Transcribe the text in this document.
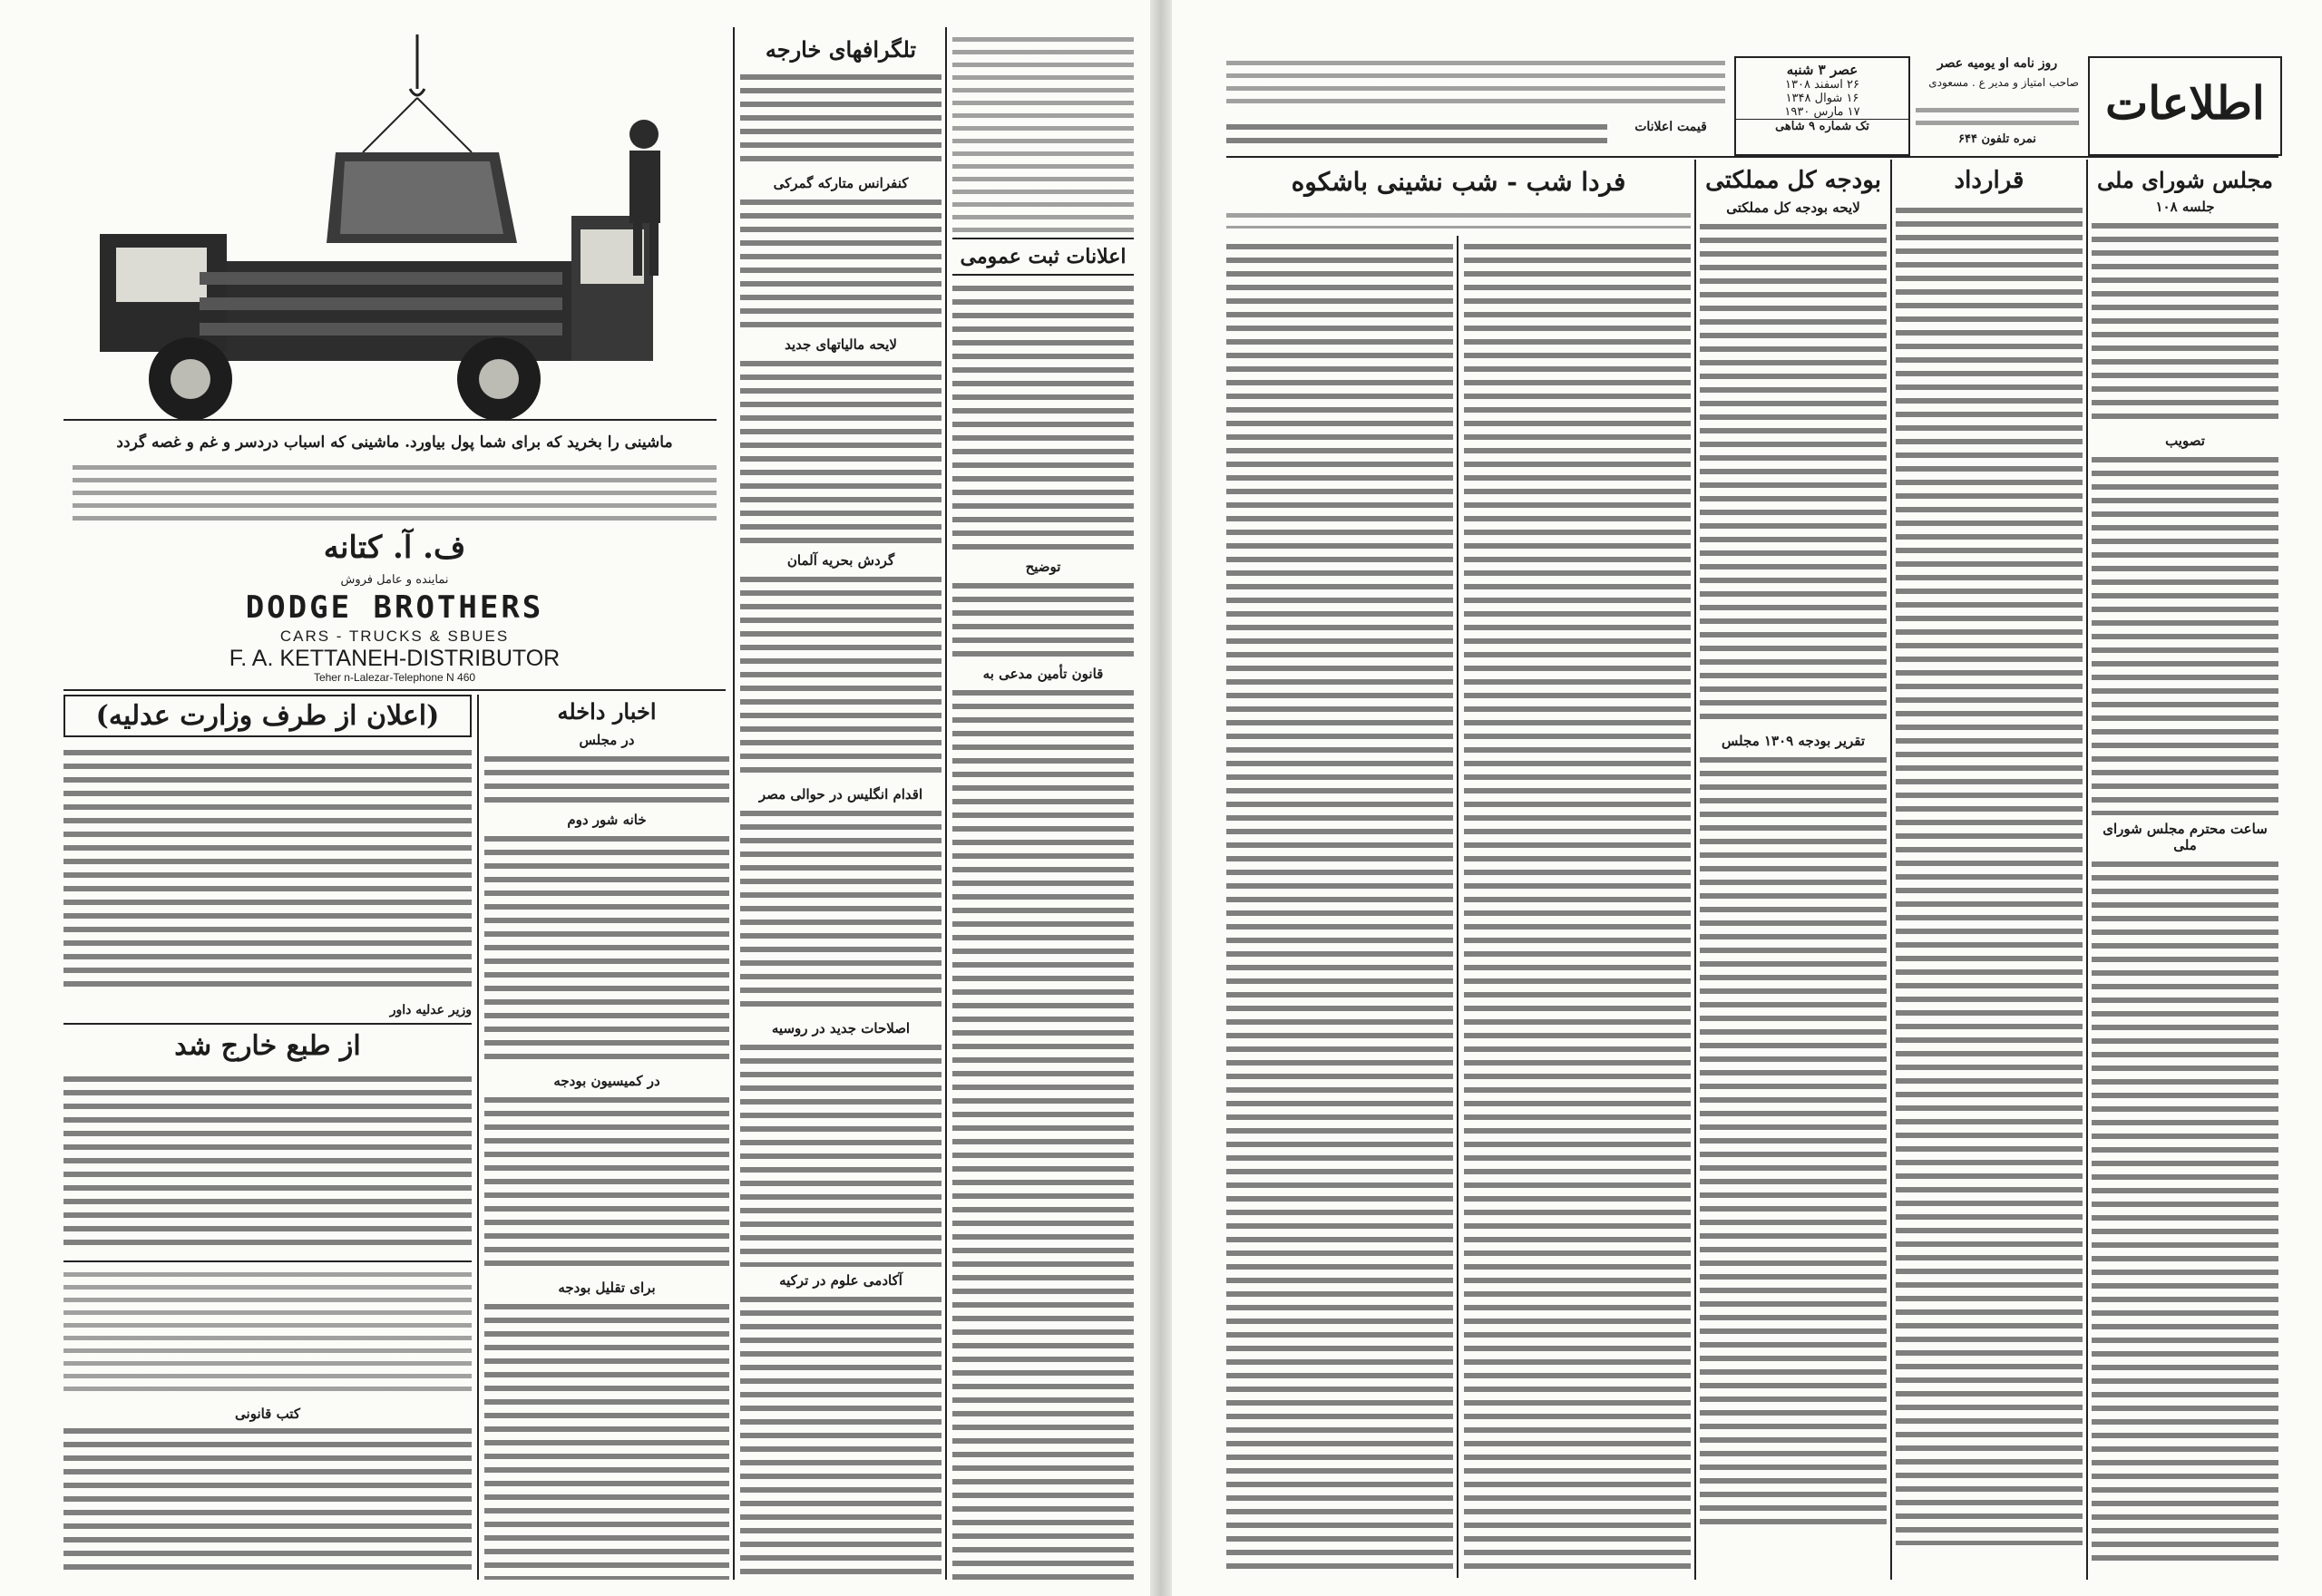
ماشینی را بخرید که برای شما پول بیاورد. ماشینی که اسباب دردسر و غم و غصه گردد
ف. آ. کتانه
نماینده و عامل فروش
DODGE BROTHERS
CARS - TRUCKS & SBUES
F. A. KETTANEH-DISTRIBUTOR
Teher n-Lalezar-Telephone N 460
(اعلان از طرف وزارت عدلیه)
وزیر عدلیه داور
از طبع خارج شد
کتب قانونی
اخبار داخله
در مجلس
خانه شور دوم
در کمیسیون بودجه
برای تقلیل بودجه
تلگرافهای خارجه
کنفرانس متارکه گمرکی
لایحه مالیاتهای جدید
گردش بحریه آلمان
اقدام انگلیس در حوالی مصر
اصلاحات جدید در روسیه
آکادمی علوم در ترکیه
اعلانات ثبت عمومی
توضیح
قانون تأمین مدعی به
اطلاعات
روز نامه او یومیه عصر
صاحب امتیاز و مدیر ع . مسعودی
نمره تلفون ۶۴۴
عصر ۳ شنبه
۲۶ اسفند ۱۳۰۸
۱۶ شوال ۱۳۴۸
۱۷ مارس ۱۹۳۰
تک شماره ۹ شاهی
قیمت اعلانات
مجلس شورای ملی
جلسه ۱۰۸
تصویب
ساعت محترم مجلس شورای ملی
قرارداد
بودجه کل مملکتی
لایحه بودجه کل مملکتی
تقریر بودجه ۱۳۰۹ مجلس
فردا شب - شب نشینی باشکوه
